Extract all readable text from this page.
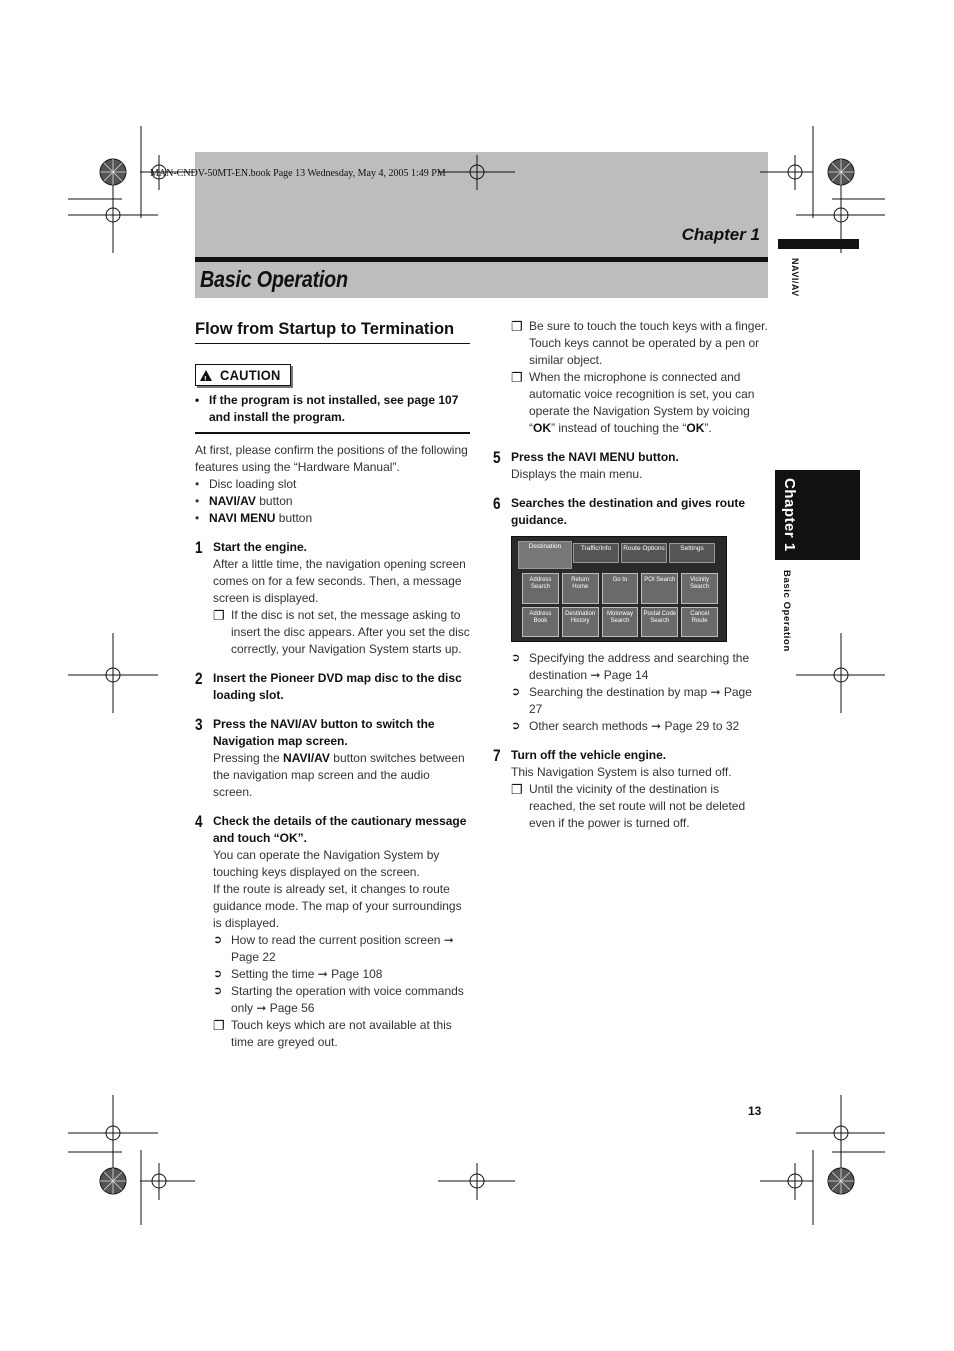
MAN-CNDV-50MT-EN.book Page 13 Wednesday, May 4, 2005 1:49 PM
Chapter 1
Basic Operation	NAVI/AV
Chapter 1
Basic Operation
Flow from Startup to Termination
!
CAUTION
• If the program is not installed, see page 107 and install the program.
At first, please confirm the positions of the following features using the “Hardware Manual”.
• Disc loading slot
• NAVI/AV button
• NAVI MENU button
1 Start the engine.
After a little time, the navigation opening screen comes on for a few seconds. Then, a message screen is displayed.
❐ If the disc is not set, the message asking to insert the disc appears. After you set the disc correctly, your Navigation System starts up.
2 Insert the Pioneer DVD map disc to the disc loading slot.
3 Press the NAVI/AV button to switch the Navigation map screen.
Pressing the NAVI/AV button switches between the navigation map screen and the audio screen.
4 Check the details of the cautionary message and touch “OK”.
You can operate the Navigation System by touching keys displayed on the screen.
If the route is already set, it changes to route guidance mode. The map of your surroundings is displayed.
➲ How to read the current position screen ➞ Page 22
➲ Setting the time ➞ Page 108
➲ Starting the operation with voice commands only ➞ Page 56
❐ Touch keys which are not available at this time are greyed out.
❐ Be sure to touch the touch keys with a finger. Touch keys cannot be operated by a pen or similar object.
❐ When the microphone is connected and automatic voice recognition is set, you can operate the Navigation System by voicing “OK” instead of touching the “OK”.
5 Press the NAVI MENU button.
Displays the main menu.
6 Searches the destination and gives route guidance.
Destination	Traffic/Info	Route Options	Settings
Address Search
Return Home
Go to	POI Search	Vicinity Search
Address Book
Destination History
Motorway Search
Postal Code Search
Cancel Route
➲ Specifying the address and searching the destination ➞ Page 14
➲ Searching the destination by map ➞ Page 27
➲ Other search methods ➞ Page 29 to 32
7 Turn off the vehicle engine.
This Navigation System is also turned off.
❐ Until the vicinity of the destination is reached, the set route will not be deleted even if the power is turned off.
13
